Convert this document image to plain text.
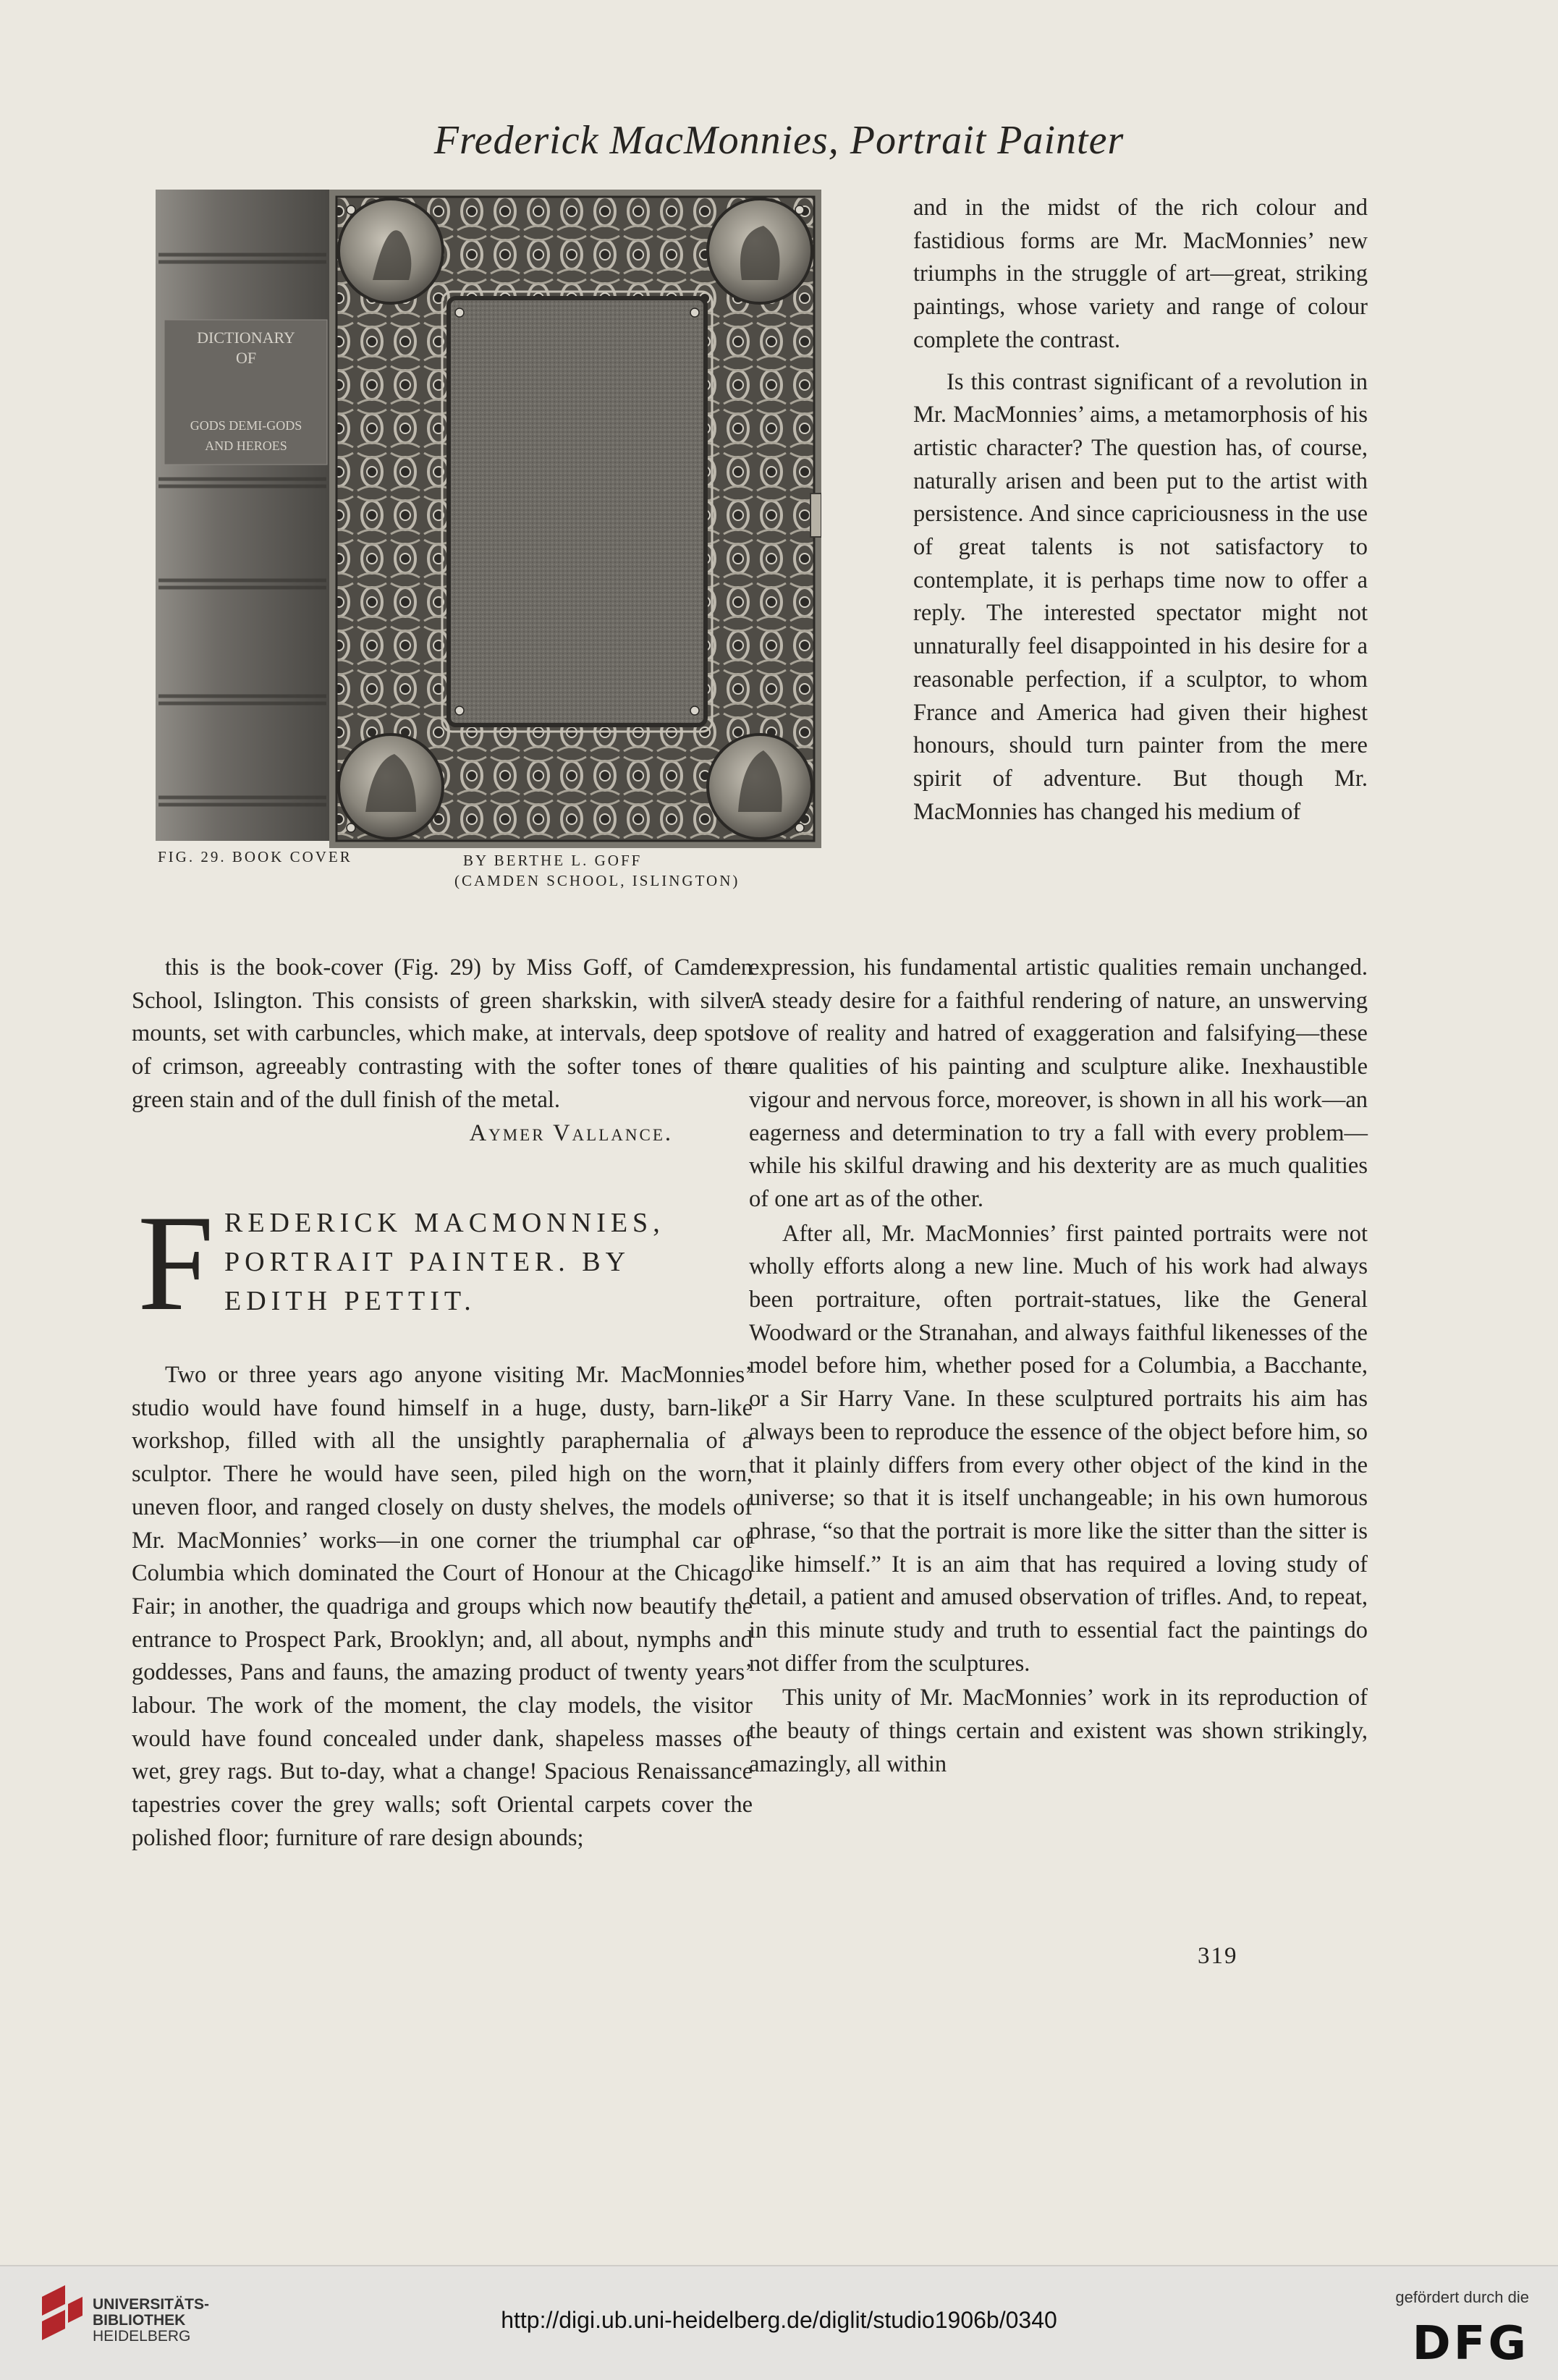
Frederick MacMonnies, Portrait Painter
DICTIONARY
OF
GODS DEMI-GODS
AND HEROES
FIG. 29. BOOK COVER	BY BERTHE L. GOFF
(CAMDEN SCHOOL, ISLINGTON)

and in the midst of the rich colour and fastidious forms are Mr. MacMonnies’ new triumphs in the struggle of art—great, striking paintings, whose variety and range of colour complete the contrast.

Is this contrast significant of a revolution in Mr. MacMonnies’ aims, a metamorphosis of his artistic character? The question has, of course, naturally arisen and been put to the artist with persistence. And since capriciousness in the use of great talents is not satisfactory to contemplate, it is perhaps time now to offer a reply. The interested spectator might not unnaturally feel disappointed in his desire for a reasonable perfection, if a sculptor, to whom France and America had given their highest honours, should turn painter from the mere spirit of adventure. But though Mr. MacMonnies has changed his medium of

this is the book-cover (Fig. 29) by Miss Goff, of Camden School, Islington. This consists of green sharkskin, with silver mounts, set with carbuncles, which make, at intervals, deep spots of crimson, agreeably contrasting with the softer tones of the green stain and of the dull finish of the metal.

Aymer Vallance.

F REDERICK MACMONNIES,
PORTRAIT PAINTER. BY
EDITH PETTIT.

Two or three years ago anyone visiting Mr. MacMonnies’ studio would have found himself in a huge, dusty, barn-like workshop, filled with all the unsightly paraphernalia of a sculptor. There he would have seen, piled high on the worn, uneven floor, and ranged closely on dusty shelves, the models of Mr. MacMonnies’ works—in one corner the triumphal car of Columbia which dominated the Court of Honour at the Chicago Fair; in another, the quadriga and groups which now beautify the entrance to Prospect Park, Brooklyn; and, all about, nymphs and goddesses, Pans and fauns, the amazing product of twenty years’ labour. The work of the moment, the clay models, the visitor would have found concealed under dank, shapeless masses of wet, grey rags. But to-day, what a change! Spacious Renaissance tapestries cover the grey walls; soft Oriental carpets cover the polished floor; furniture of rare design abounds;

expression, his fundamental artistic qualities remain unchanged. A steady desire for a faithful rendering of nature, an unswerving love of reality and hatred of exaggeration and falsifying—these are qualities of his painting and sculpture alike. Inexhaustible vigour and nervous force, moreover, is shown in all his work—an eagerness and determination to try a fall with every problem—while his skilful drawing and his dexterity are as much qualities of one art as of the other.

After all, Mr. MacMonnies’ first painted portraits were not wholly efforts along a new line. Much of his work had always been portraiture, often portrait-statues, like the General Woodward or the Stranahan, and always faithful likenesses of the model before him, whether posed for a Columbia, a Bacchante, or a Sir Harry Vane. In these sculptured portraits his aim has always been to reproduce the essence of the object before him, so that it plainly differs from every other object of the kind in the universe; so that it is itself unchangeable; in his own humorous phrase, “so that the portrait is more like the sitter than the sitter is like himself.” It is an aim that has required a loving study of detail, a patient and amused observation of trifles. And, to repeat, in this minute study and truth to essential fact the paintings do not differ from the sculptures.

This unity of Mr. MacMonnies’ work in its reproduction of the beauty of things certain and existent was shown strikingly, amazingly, all within

319
UNIVERSITÄTS-
BIBLIOTHEK
HEIDELBERG
http://digi.ub.uni-heidelberg.de/diglit/studio1906b/0340
gefördert durch die
DFG
